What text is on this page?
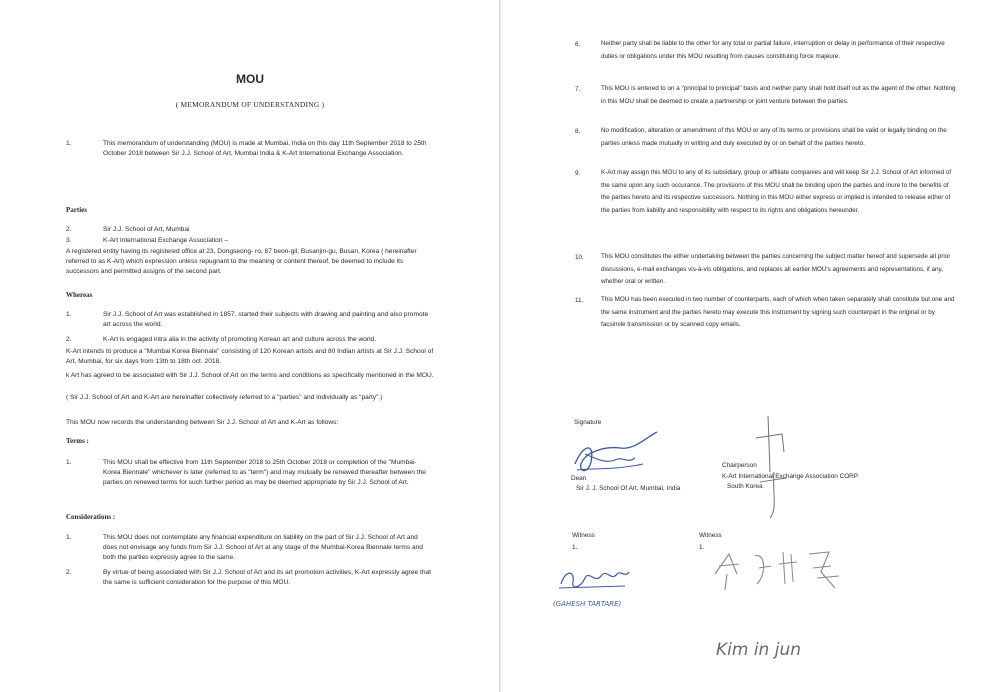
MOU
( MEMORANDUM OF UNDERSTANDING )
1.	This memorandum of understanding (MOU) is made at Mumbai, India on this day 11th September 2018 to 25th October 2018 between Sir J.J. School of Art, Mumbai India & K-Art International Exchange Association.
Parties
2.	Sir J.J. School of Art, Mumbai
3.	K-Art International Exchange Association –
A registered entity having its registered office at 23, Dongseong- ro, 87 beon-gil, Busanjin-gu, Busan, Korea ( hereinafter referred to as K-Art) which expression unless repugnant to the meaning or content thereof, be deemed to include its successors and permitted assigns of the second part.
Whereas
1.	Sir J.J. School of Art was established in 1857, started their subjects with drawing and painting and also promote art across the world.
2.	K-Art is engaged intra alia in the activity of promoting Korean art and culture across the world.
K-Art intends to produce a "Mumbai Korea Biennale" consisting of 120 Korean artists and 80 Indian artists at Sir J.J. School of Art, Mumbai, for six days from 13th to 18th oct. 2018.
k Art has agreed to be associated with Sir J.J. School of Art on the terms and conditions as specifically mentioned in the MOU.
( Sir J.J. School of Art and K-Art are hereinafter collectively referred to a "parties" and individually as "party".)
This MOU now records the understanding between Sir J.J. School of Art and K-Art as follows:
Terms :
1.	This MOU shall be effective from 11th September 2018 to 25th October 2018 or completion of the "Mumbai-Korea Biennale" whichever is later (referred to as "term") and may mutually be renewed thereafter between the parties on renewed terms for such further period as may be deemed appropriate by Sir J.J. School of Art.
Considerations :
1.	This MOU does not contemplate any financial expenditure on liability on the part of Sir J.J. School of Art and does not envisage any funds from Sir J.J. School of Art at any stage of the Mumbai-Korea Biennale terms and both the parties expressly agree to the same.
2.	By virtue of being associated with Sir J.J. School of Art and its art promotion activities, K-Art expressly agree that the same is sufficient consideration for the purpose of this MOU.
6.	Neither party shall be liable to the other for any total or partial failure, interruption or delay in performance of their respective duties or obligations under this MOU resulting from causes constituting force majeure.
7.	This MOU is entered to on a "principal to principal" basis and neither party shall hold itself out as the agent of the other. Nothing in this MOU shall be deemed to create a partnership or joint venture between the parties.
8.	No modification, alteration or amendment of this MOU or any of its terms or provisions shall be valid or legally binding on the parties unless made mutually in writing and duly executed by or on behalf of the parties hereto.
9.	K-Art may assign this MOU to any of its subsidiary, group or affiliate companies and will keep Sir J.J. School of Art informed of the same upon any such occurance. The provisions of this MOU shall be binding upon the parties and inure to the benefits of the parties hereto and its respective successors. Nothing in this MOU either express or implied is intended to release either of the parties from liability and responsibility with respect to its rights and obligations hereunder.
10.	This MOU constitutes the either undertaking between the parties concerning the subject matter hereof and supersede all prior discussions, e-mail exchanges vis-à-vis obligations, and replaces all earlier MOU's agreements and representations, if any, whether oral or written.
11.	This MOU has been executed in two number of counterparts, each of which when taken separately shall constitute but one and the same instrument and the parties hereto may execute this instrument by signing such counterpart in the original or by facsimile transmission or by scanned copy emails.
Signature
Dean
Sir J. J. School Of Art, Mumbai, India
Chairperson
K-Art International Exchange Association CORP
South Korea
Witness
1.
(GAHESH TARTARE)
Witness
1.
Kim in jun
